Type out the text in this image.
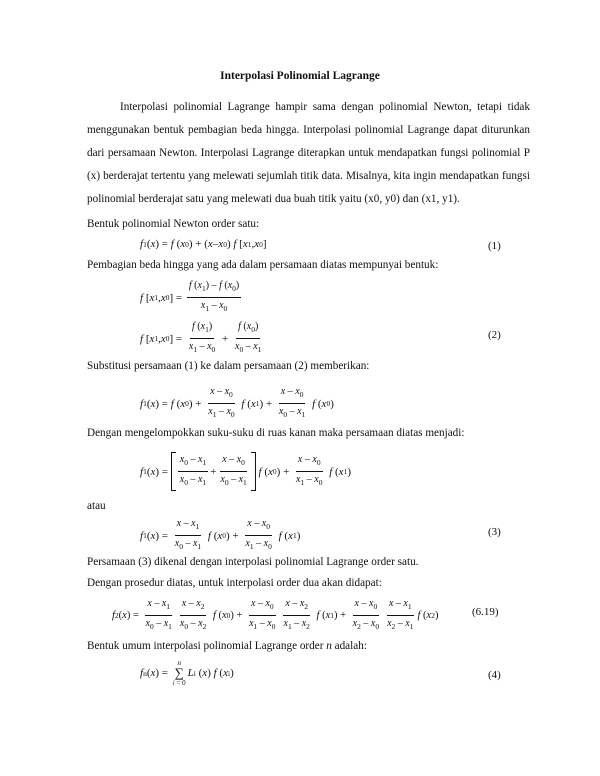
Interpolasi Polinomial Lagrange
Interpolasi polinomial Lagrange hampir sama dengan polinomial Newton, tetapi tidak menggunakan bentuk pembagian beda hingga. Interpolasi polinomial Lagrange dapat diturunkan dari persamaan Newton. Interpolasi Lagrange diterapkan untuk mendapatkan fungsi polinomial P (x) berderajat tertentu yang melewati sejumlah titik data. Misalnya, kita ingin mendapatkan fungsi polinomial berderajat satu yang melewati dua buah titik yaitu (x0, y0) dan (x1, y1).
Bentuk polinomial Newton order satu:
f 1 ( x ) = f ( x 0 ) + ( x – x 0 ) f [ x 1 , x 0 ]	(1)
Pembagian beda hingga yang ada dalam persamaan diatas mempunyai bentuk:
f [ x 1 , x 0 ] = $\frac{f (x_1) - f (x_0)}{x_1 - x_0}$
f [ x 1 , x 0 ] = $\frac{f (x_1)}{x_1 - x_0} + \frac{f (x_0)}{x_0 - x_1}$	(2)
Substitusi persamaan (1) ke dalam persamaan (2) memberikan:
f 1 ( x ) = f ( x 0 ) + $\frac{x - x_0}{x_1 - x_0}$
f ( x 1 ) + $\frac{x - x_0}{x_0 - x_1}$
f ( x 0 )
Dengan mengelompokkan suku-suku di ruas kanan maka persamaan diatas menjadi:
f 1 ( x ) = $\frac{x_0 - x_1}{x_0 - x_1} + \frac{x - x_0}{x_0 - x_1}$
f ( x 0 ) + $\frac{x - x_0}{x_1 - x_0}$
f ( x 1 )
atau
f 1 ( x ) = $\frac{x - x_1}{x_0 - x_1}$
f ( x 0 ) + $\frac{x - x_0}{x_1 - x_0}$
f ( x 1 )	(3)
Persamaan (3) dikenal dengan interpolasi polinomial Lagrange order satu.
Dengan prosedur diatas, untuk interpolasi order dua akan didapat:
f 2 ( x ) = $\frac{x - x_1}{x_0 - x_1} \frac{x - x_2}{x_0 - x_2}$
f ( x 0 ) + $\frac{x - x_0}{x_1 - x_0} \frac{x - x_2}{x_1 - x_2}$
f ( x 1 ) + $\frac{x - x_0}{x_2 - x_0} \frac{x - x_1}{x_2 - x_1}$ f ( x 2 )	(6.19)
Bentuk umum interpolasi polinomial Lagrange order n adalah:
f n ( x ) =
n
∑
i = 0
L i ( x ) f ( x i )	(4)
